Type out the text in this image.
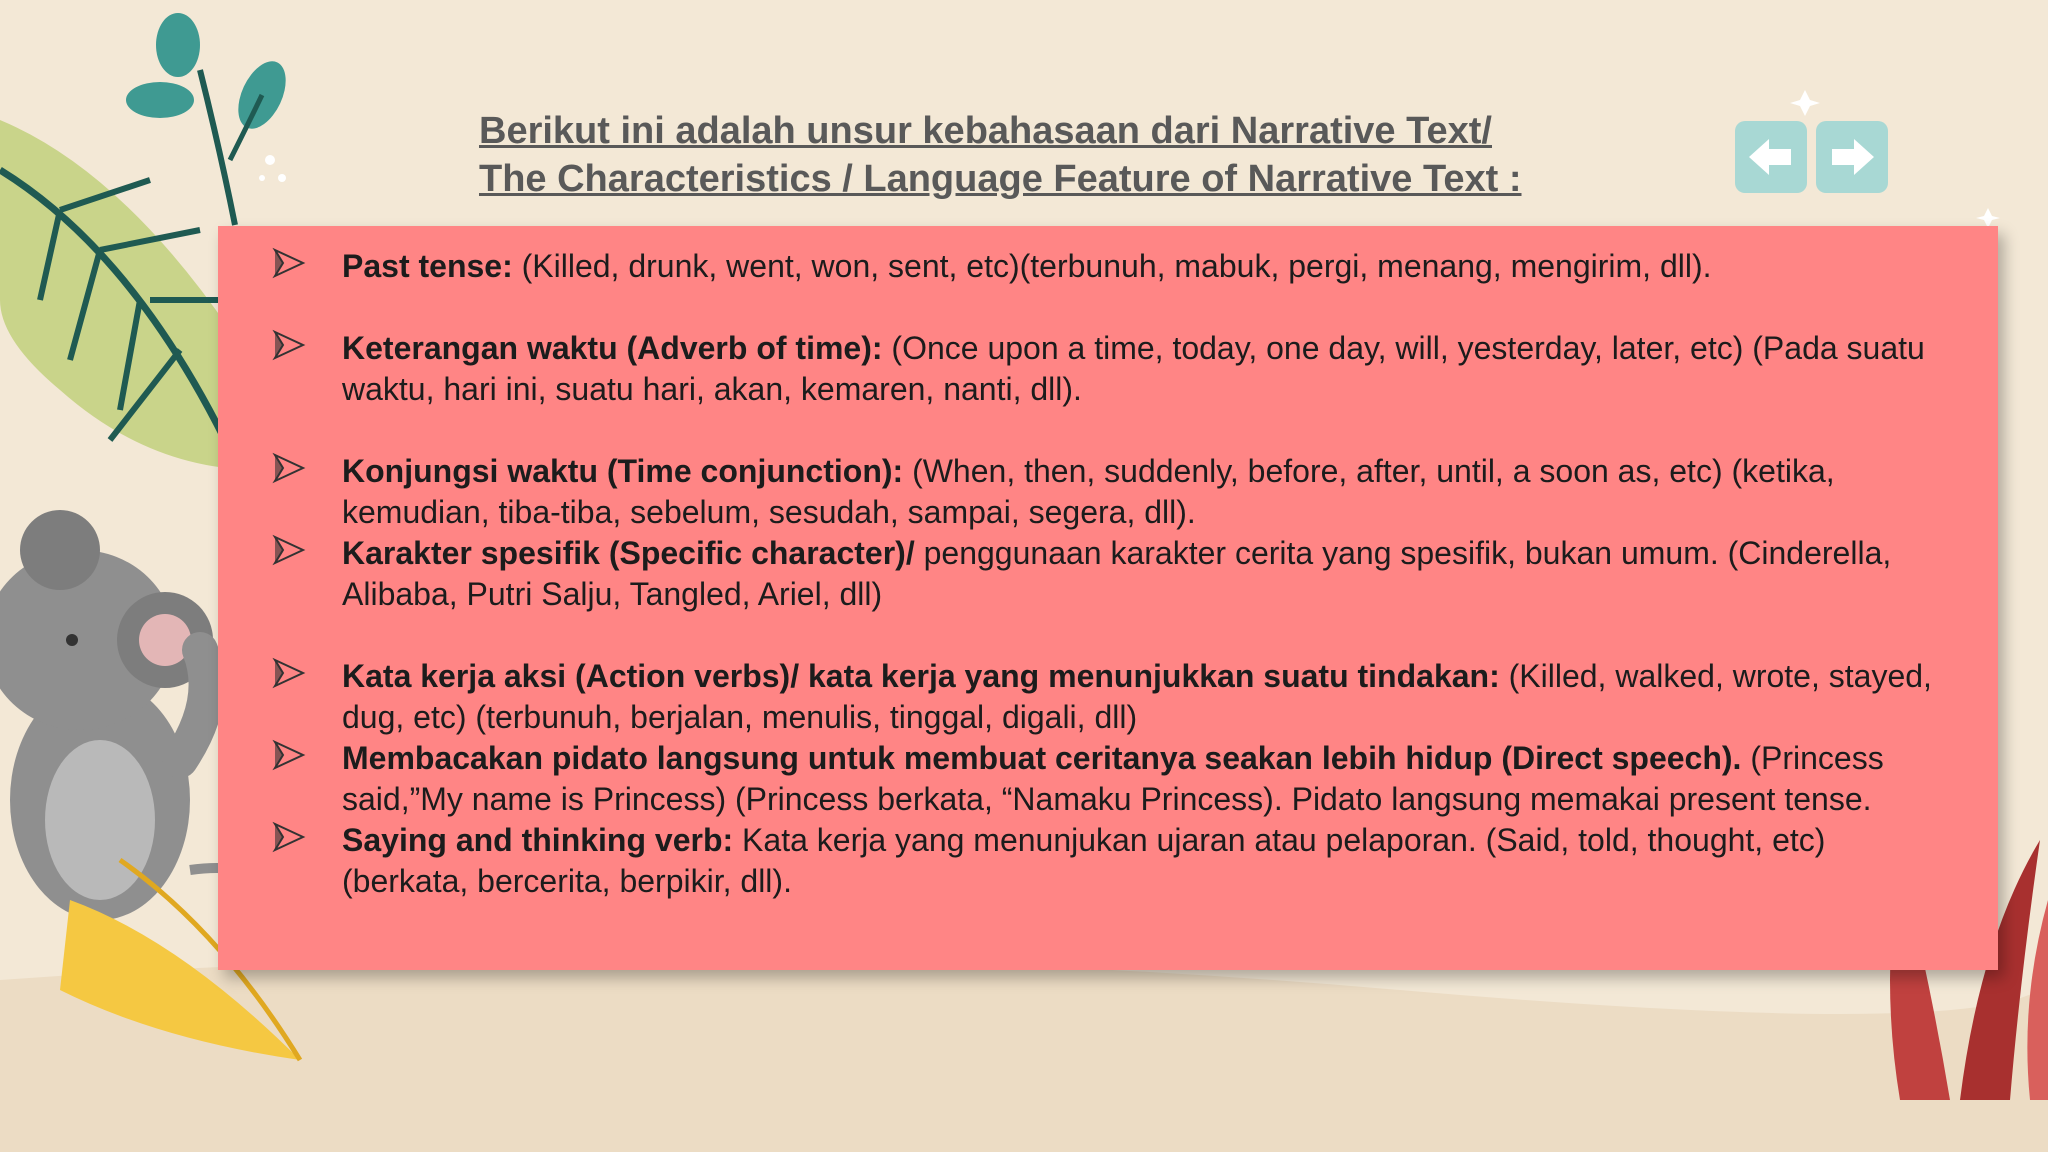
Berikut ini adalah unsur kebahasaan dari Narrative Text/
The Characteristics / Language Feature of Narrative Text :
Past tense: (Killed, drunk, went, won, sent, etc)(terbunuh, mabuk, pergi, menang, mengirim, dll).
Keterangan waktu (Adverb of time): (Once upon a time, today, one day, will, yesterday, later, etc) (Pada suatu waktu, hari ini, suatu hari, akan, kemaren, nanti, dll).
Konjungsi waktu (Time conjunction): (When, then, suddenly, before, after, until, a soon as, etc) (ketika, kemudian, tiba-tiba, sebelum, sesudah, sampai, segera, dll).
Karakter spesifik (Specific character)/ penggunaan karakter cerita yang spesifik, bukan umum. (Cinderella, Alibaba, Putri Salju, Tangled, Ariel, dll)
Kata kerja aksi (Action verbs)/ kata kerja yang menunjukkan suatu tindakan: (Killed, walked, wrote, stayed, dug, etc) (terbunuh, berjalan, menulis, tinggal, digali, dll)
Membacakan pidato langsung untuk membuat ceritanya seakan lebih hidup (Direct speech). (Princess said,”My name is Princess) (Princess berkata, “Namaku Princess). Pidato langsung memakai present tense.
Saying and thinking verb: Kata kerja yang menunjukan ujaran atau pelaporan. (Said, told, thought, etc) (berkata, bercerita, berpikir, dll).
